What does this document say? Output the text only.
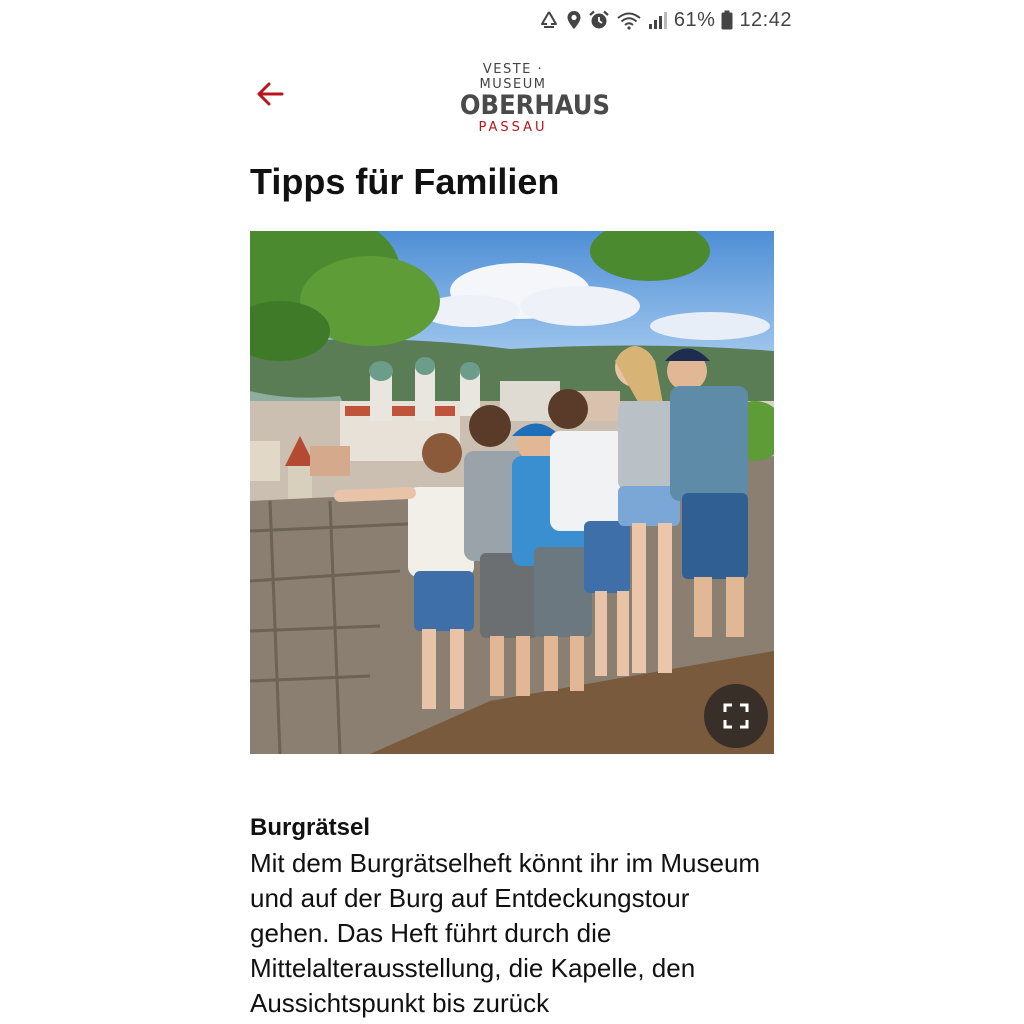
61% 12:42
VESTE · MUSEUM
OBERHAUS
PASSAU
Tipps für Familien
Burgrätsel

Mit dem Burgrätselheft könnt ihr im Museum und auf der Burg auf Entdeckungstour gehen. Das Heft führt durch die Mittelalterausstellung, die Kapelle, den Aussichtspunkt bis zurück
